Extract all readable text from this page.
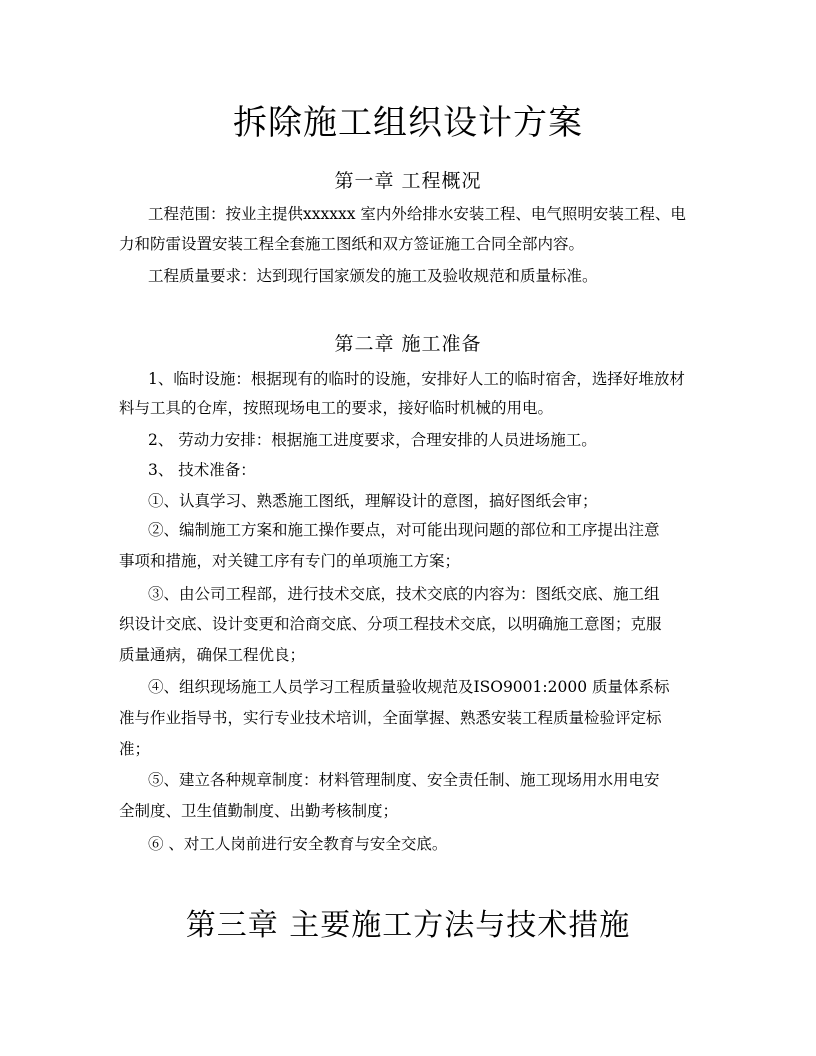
拆除施工组织设计方案
第一章 工程概况
工程范围：按业主提供xxxxxx 室内外给排水安装工程、电气照明安装工程、电
力和防雷设置安装工程全套施工图纸和双方签证施工合同全部内容。
工程质量要求：达到现行国家颁发的施工及验收规范和质量标准。
第二章 施工准备
1、临时设施：根据现有的临时的设施，安排好人工的临时宿舍，选择好堆放材
料与工具的仓库，按照现场电工的要求，接好临时机械的用电。
2、 劳动力安排：根据施工进度要求，合理安排的人员进场施工。
3、 技术准备：
①、认真学习、熟悉施工图纸，理解设计的意图，搞好图纸会审；
②、编制施工方案和施工操作要点，对可能出现问题的部位和工序提出注意
事项和措施，对关键工序有专门的单项施工方案；
③、由公司工程部，进行技术交底，技术交底的内容为：图纸交底、施工组
织设计交底、设计变更和洽商交底、分项工程技术交底，以明确施工意图；克服
质量通病，确保工程优良；
④、组织现场施工人员学习工程质量验收规范及ISO9001:2000 质量体系标
准与作业指导书，实行专业技术培训，全面掌握、熟悉安装工程质量检验评定标
准；
⑤、建立各种规章制度：材料管理制度、安全责任制、施工现场用水用电安
全制度、卫生值勤制度、出勤考核制度；
⑥ 、对工人岗前进行安全教育与安全交底。
第三章 主要施工方法与技术措施
